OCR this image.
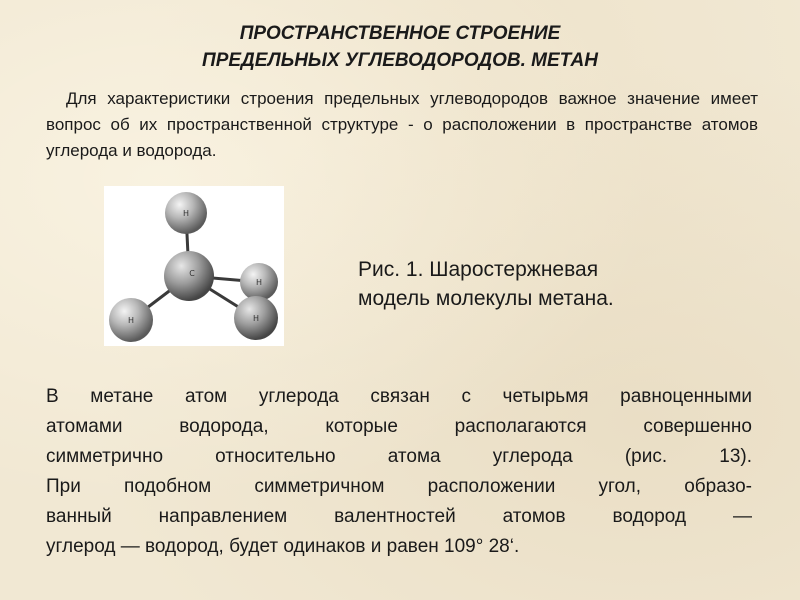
ПРОСТРАНСТВЕННОЕ СТРОЕНИЕ
ПРЕДЕЛЬНЫХ УГЛЕВОДОРОДОВ. МЕТАН
Для характеристики строения предельных углеводородов важное значение имеет вопрос об их пространственной структуре - о расположении в пространстве атомов углерода и водорода.
H
H
C
H	H
Рис. 1. Шаростержневая
модель молекулы метана.
В метане атом углерода связан с четырьмя равноценными
атомами водорода, которые располагаются совершенно
симметрично относительно атома углерода (рис. 13).
При подобном симметричном расположении угол, образо-
ванный направлением валентностей атомов водород —
углерод — водород, будет одинаков и равен 109° 28‘.
